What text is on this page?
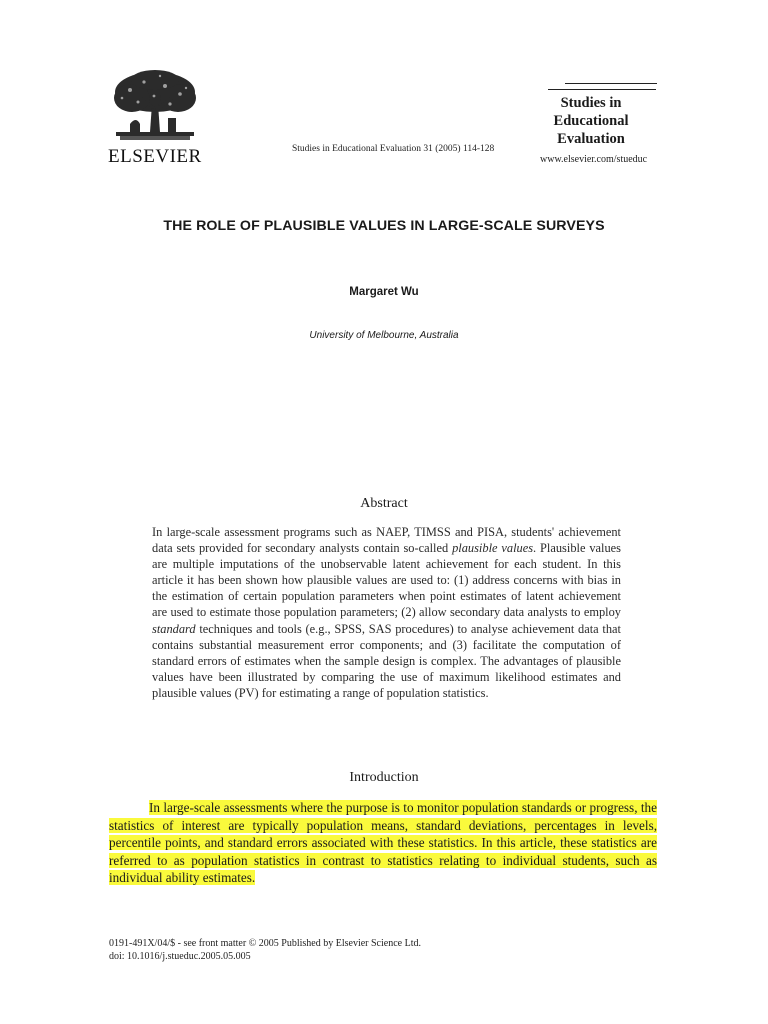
ELSEVIER	Studies in Educational Evaluation 31 (2005) 114-128
Studies in
Educational
Evaluation
www.elsevier.com/stueduc
THE ROLE OF PLAUSIBLE VALUES IN LARGE-SCALE SURVEYS
Margaret Wu
University of Melbourne, Australia
Abstract
In large-scale assessment programs such as NAEP, TIMSS and PISA, students' achievement data sets provided for secondary analysts contain so-called plausible values. Plausible values are multiple imputations of the unobservable latent achievement for each student. In this article it has been shown how plausible values are used to: (1) address concerns with bias in the estimation of certain population parameters when point estimates of latent achievement are used to estimate those population parameters; (2) allow secondary data analysts to employ standard techniques and tools (e.g., SPSS, SAS procedures) to analyse achievement data that contains substantial measurement error components; and (3) facilitate the computation of standard errors of estimates when the sample design is complex. The advantages of plausible values have been illustrated by comparing the use of maximum likelihood estimates and plausible values (PV) for estimating a range of population statistics.
Introduction
In large-scale assessments where the purpose is to monitor population standards or progress, the statistics of interest are typically population means, standard deviations, percentages in levels, percentile points, and standard errors associated with these statistics. In this article, these statistics are referred to as population statistics in contrast to statistics relating to individual students, such as individual ability estimates.
0191-491X/04/$ - see front matter © 2005 Published by Elsevier Science Ltd.
doi: 10.1016/j.stueduc.2005.05.005
